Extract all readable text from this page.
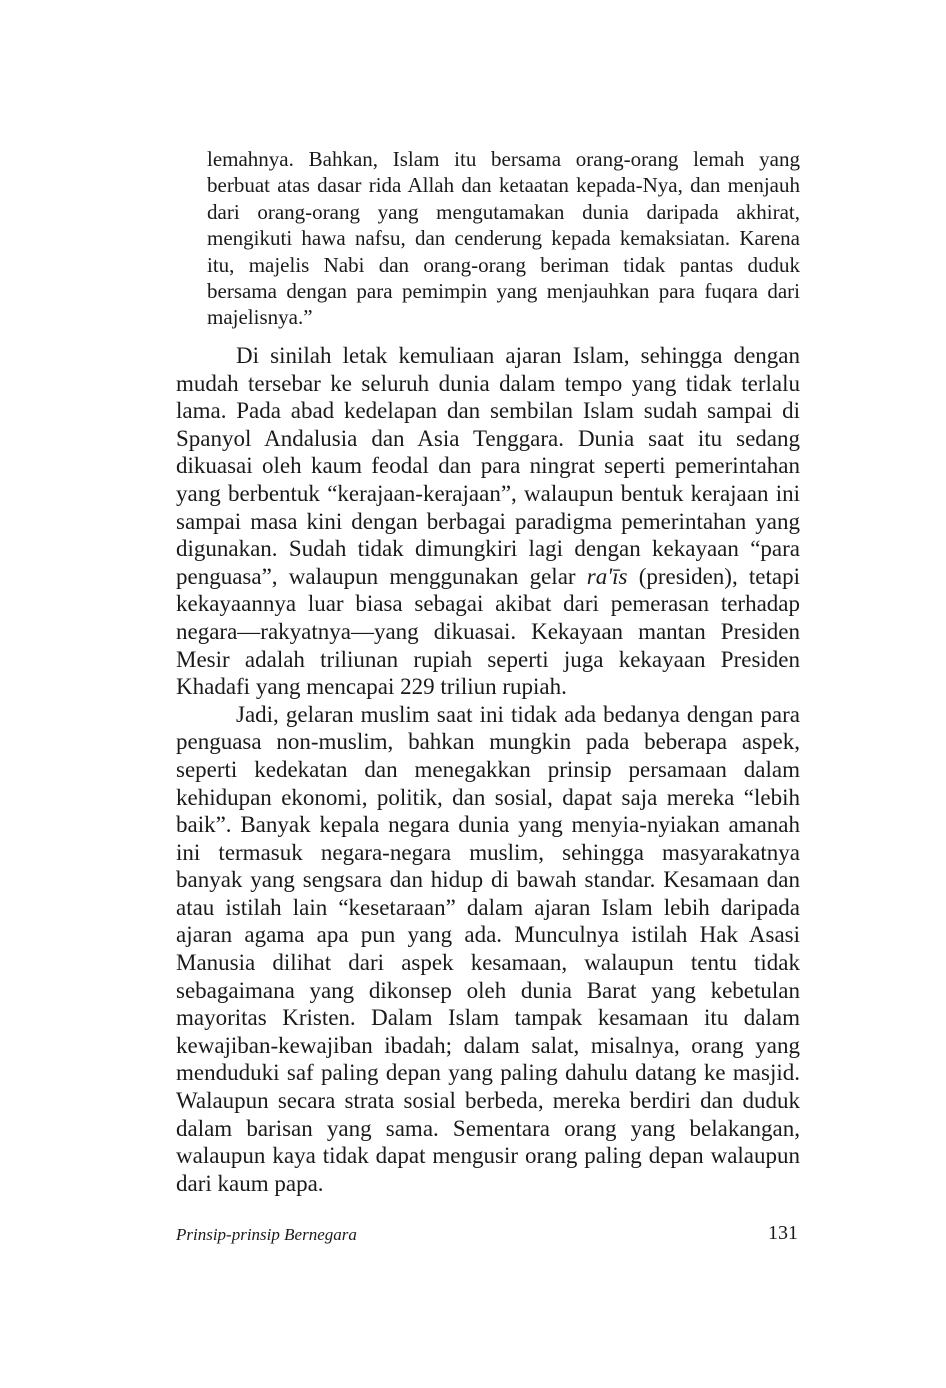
lemahnya. Bahkan, Islam itu bersama orang-orang lemah yang berbuat atas dasar rida Allah dan ketaatan kepada-Nya, dan menjauh dari orang-orang yang mengutamakan dunia daripada akhirat, mengikuti hawa nafsu, dan cenderung kepada kemaksiatan. Karena itu, majelis Nabi dan orang-orang beriman tidak pantas duduk bersama dengan para pemimpin yang menjauhkan para fuqara dari majelisnya.”

Di sinilah letak kemuliaan ajaran Islam, sehingga dengan mudah tersebar ke seluruh dunia dalam tempo yang tidak terlalu lama. Pada abad kedelapan dan sembilan Islam sudah sampai di Spanyol Andalusia dan Asia Tenggara. Dunia saat itu sedang dikuasai oleh kaum feodal dan para ningrat seperti pemerintahan yang berbentuk “kerajaan-kerajaan”, walaupun bentuk kerajaan ini sampai masa kini dengan berbagai paradigma pemerintahan yang digunakan. Sudah tidak dimungkiri lagi dengan kekayaan “para penguasa”, walaupun menggunakan gelar ra'īs (presiden), tetapi kekayaannya luar biasa sebagai akibat dari pemerasan terhadap negara—rakyatnya—yang dikuasai. Kekayaan mantan Presiden Mesir adalah triliunan rupiah seperti juga kekayaan Presiden Khadafi yang mencapai 229 triliun rupiah.

Jadi, gelaran muslim saat ini tidak ada bedanya dengan para penguasa non-muslim, bahkan mungkin pada beberapa aspek, seperti kedekatan dan menegakkan prinsip persamaan dalam kehidupan ekonomi, politik, dan sosial, dapat saja mereka “lebih baik”. Banyak kepala negara dunia yang menyia-nyiakan amanah ini termasuk negara-negara muslim, sehingga masyarakatnya banyak yang sengsara dan hidup di bawah standar. Kesamaan dan atau istilah lain “kesetaraan” dalam ajaran Islam lebih daripada ajaran agama apa pun yang ada. Munculnya istilah Hak Asasi Manusia dilihat dari aspek kesamaan, walaupun tentu tidak sebagaimana yang dikonsep oleh dunia Barat yang kebetulan mayoritas Kristen. Dalam Islam tampak kesamaan itu dalam kewajiban-kewajiban ibadah; dalam salat, misalnya, orang yang menduduki saf paling depan yang paling dahulu datang ke masjid. Walaupun secara strata sosial berbeda, mereka berdiri dan duduk dalam barisan yang sama. Sementara orang yang belakangan, walaupun kaya tidak dapat mengusir orang paling depan walaupun dari kaum papa.

Prinsip-prinsip Bernegara	131
